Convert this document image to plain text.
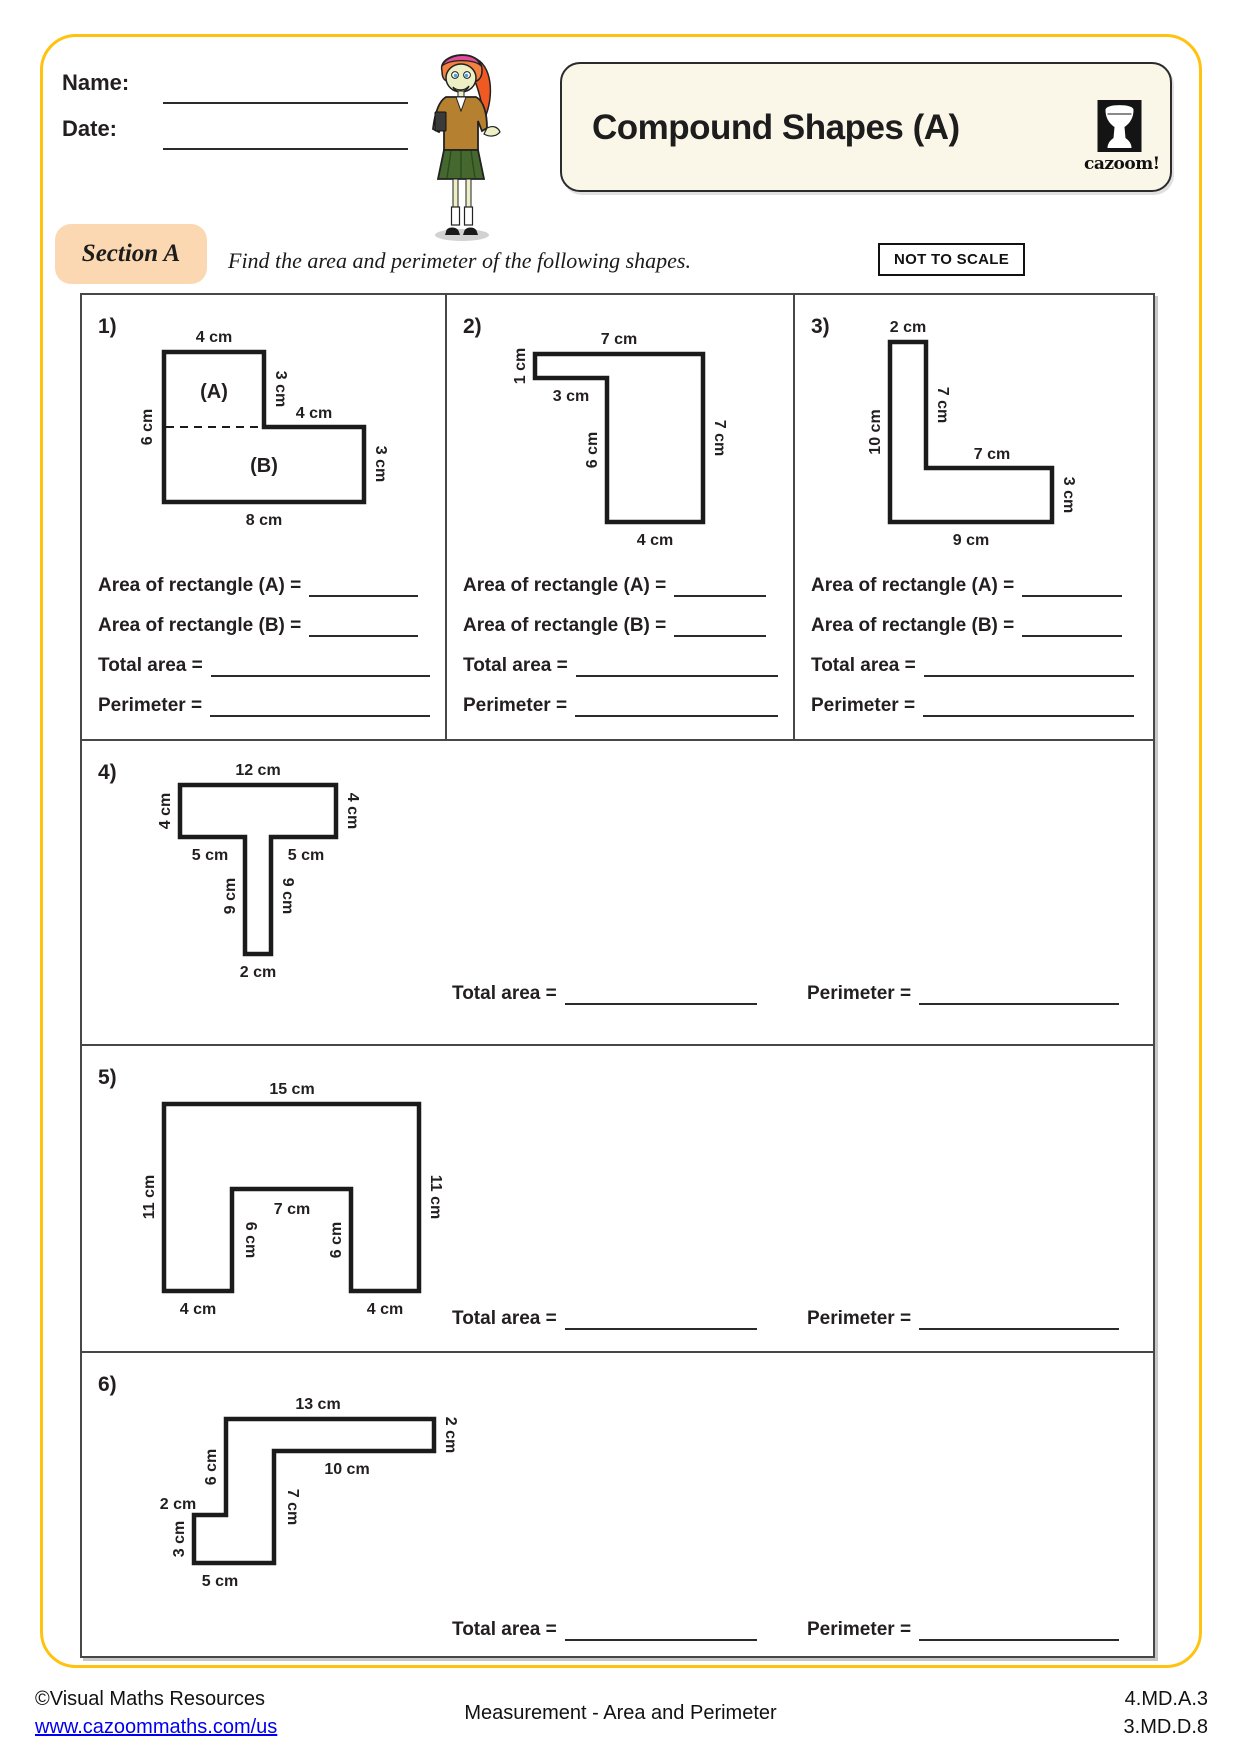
Name:
Date:	Compound Shapes (A)
cazoom!
Section A Find the area and perimeter of the following shapes.	NOT TO SCALE
1)	4 cm
3 cm
(A)
6 cm	4 cm
3 cm
(B)
8 cm
Area of rectangle (A) =
Area of rectangle (B) =
Total area =
Perimeter =
2)
7 cm
1 cm
3 cm
6 cm	7 cm
4 cm
Area of rectangle (A) =
Area of rectangle (B) =
Total area =
Perimeter =
3)	2 cm
7 cm
10 cm	7 cm
3 cm
9 cm
Area of rectangle (A) =
Area of rectangle (B) =
Total area =
Perimeter =
4)	12 cm
4 cm	4 cm
5 cm	5 cm
9 cm	9 cm
2 cm
Total area =	Perimeter =
5)
15 cm
11 cm	11 cm
7 cm
6 cm	6 cm
4 cm	4 cm	Total area =	Perimeter =
6)
13 cm
2 cm
10 cm
6 cm
2 cm
3 cm
7 cm
5 cm
Total area =	Perimeter =
©Visual Maths Resources
www.cazoommaths.com/us
Measurement - Area and Perimeter
4.MD.A.3
3.MD.D.8
